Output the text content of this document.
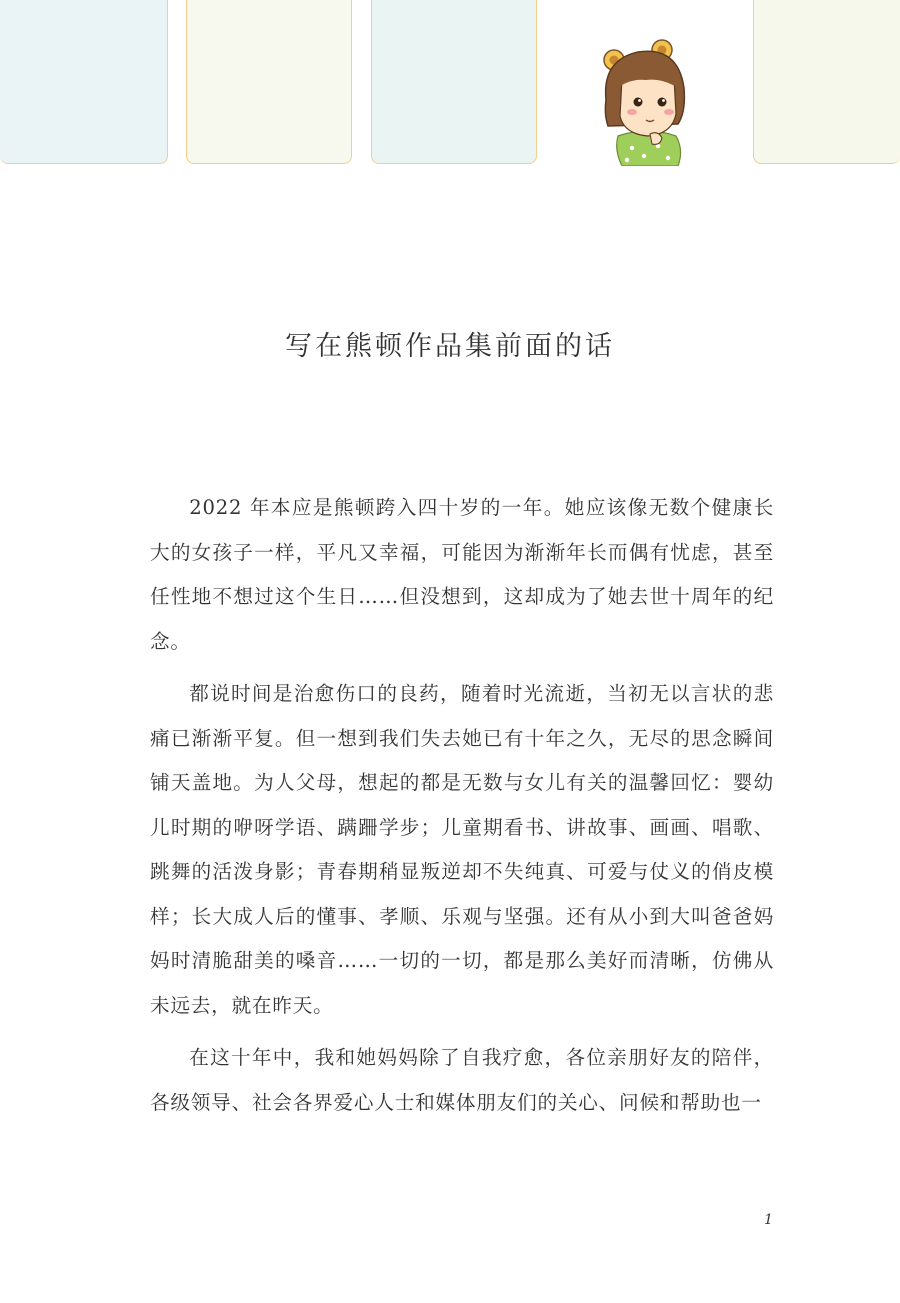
写在熊顿作品集前面的话

2022 年本应是熊顿跨入四十岁的一年。她应该像无数个健康长大的女孩子一样，平凡又幸福，可能因为渐渐年长而偶有忧虑，甚至任性地不想过这个生日……但没想到，这却成为了她去世十周年的纪念。

都说时间是治愈伤口的良药，随着时光流逝，当初无以言状的悲痛已渐渐平复。但一想到我们失去她已有十年之久，无尽的思念瞬间铺天盖地。为人父母，想起的都是无数与女儿有关的温馨回忆：婴幼儿时期的咿呀学语、蹒跚学步；儿童期看书、讲故事、画画、唱歌、跳舞的活泼身影；青春期稍显叛逆却不失纯真、可爱与仗义的俏皮模样；长大成人后的懂事、孝顺、乐观与坚强。还有从小到大叫爸爸妈妈时清脆甜美的嗓音……一切的一切，都是那么美好而清晰，仿佛从未远去，就在昨天。

在这十年中，我和她妈妈除了自我疗愈，各位亲朋好友的陪伴，各级领导、社会各界爱心人士和媒体朋友们的关心、问候和帮助也一

1
